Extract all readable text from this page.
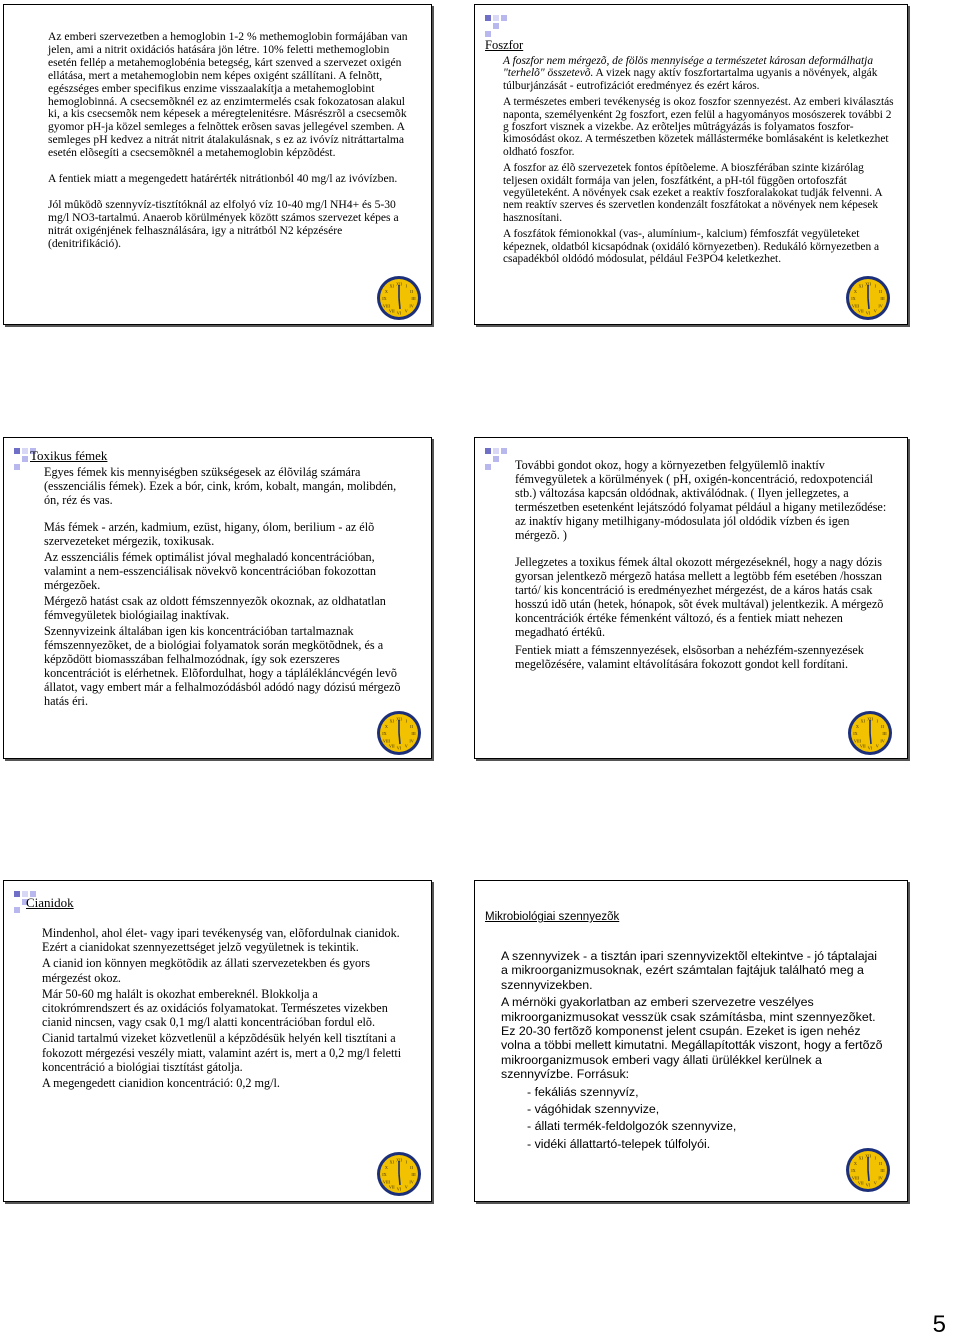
Az emberi szervezetben a hemoglobin 1-2 % methemoglobin formájában van jelen, ami a nitrit oxidációs hatására jön létre. 10% feletti methemoglobin esetén fellép a metahemoglobénia betegség, kárt szenved a szervezet oxigén ellátása, mert a metahemoglobin nem képes oxigént szállítani. A felnõtt, egészséges ember specifikus enzime visszaalakítja a metahemoglobint hemoglobinná. A csecsemõknél ez az enzimtermelés csak fokozatosan alakul ki, a kis csecsemõk nem képesek a méregtelenitésre. Másrészrõl a csecsemõk gyomor pH-ja közel semleges a felnõttek erõsen savas jellegével szemben. A semleges pH kedvez a nitrát nitrit átalakulásnak, s ez az ivóvíz nitráttartalma esetén elõsegíti a csecsemõknél a metahemoglobin képzõdést.

A fentiek miatt a megengedett határérték nitrátionból 40 mg/l az ivóvízben.

Jól mûködõ szennyvíz-tisztítóknál az elfolyó víz 10-40 mg/l NH4+ és 5-30 mg/l NO3-tartalmú. Anaerob körülmények között számos szervezet képes a nitrát oxigénjének felhasználására, igy a nitrátból N2 képzésére (denitrifikáció).

XII I
II
III
IV
V
VI
VII
VIII
IX
X
XI
Foszfor

A foszfor nem mérgezõ, de fölös mennyisége a természetet károsan deformálhatja "terhelõ" összetevõ. A vizek nagy aktív foszfortartalma ugyanis a növények, algák túlburjánzását - eutrofizációt eredményez és ezért káros.

A természetes emberi tevékenység is okoz foszfor szennyezést. Az emberi kiválasztás naponta, személyenként 2g foszfort, ezen felül a hagyományos mosószerek további 2 g foszfort visznek a vizekbe. Az erõteljes mûtrágyázás is folyamatos foszfor-kimosódást okoz. A természetben közetek mállásterméke bomlásaként is keletkezhet oldható foszfor.

A foszfor az élõ szervezetek fontos építõeleme. A bioszférában szinte kizárólag teljesen oxidált formája van jelen, foszfátként, a pH-tól függõen ortofoszfát vegyületeként. A növények csak ezeket a reaktív foszforalakokat tudják felvenni. A nem reaktív szerves és szervetlen kondenzált foszfátokat a növények nem képesek hasznosítani.

A foszfátok fémionokkal (vas-, alumínium-, kalcium) fémfoszfát vegyületeket képeznek, oldatból kicsapódnak (oxidáló környezetben). Redukáló környezetben a csapadékból oldódó módosulat, például Fe3PO4 keletkezhet.

XII I
II
III
IV
V
VI
VII
VIII
IX
X
XI
Toxikus fémek

Egyes fémek kis mennyiségben szükségesek az élõvilág számára (esszenciális fémek). Ezek a bór, cink, króm, kobalt, mangán, molibdén, ón, réz és vas.

Más fémek - arzén, kadmium, ezüst, higany, ólom, berilium - az élõ szervezeteket mérgezik, toxikusak.

Az esszenciális fémek optimálist jóval meghaladó koncentrációban, valamint a nem-esszenciálisak növekvõ koncentrációban fokozottan mérgezõek.

Mérgezõ hatást csak az oldott fémszennyezõk okoznak, az oldhatatlan fémvegyületek biológiailag inaktívak.

Szennyvizeink általában igen kis koncentrációban tartalmaznak fémszennyezõket, de a biológiai folyamatok során megkötõdnek, és a képzõdött biomasszában felhalmozódnak, így sok ezerszeres koncentrációt is elérhetnek. Elõfordulhat, hogy a táplálékláncvégén levõ állatot, vagy embert már a felhalmozódásból adódó nagy dózisú mérgezõ hatás éri.

XII I
II
III
IV
V
VI
VII
VIII
IX
X
XI

További gondot okoz, hogy a környezetben felgyülemlõ inaktív fémvegyületek a körülmények ( pH, oxigén-koncentráció, redoxpotenciál stb.) változása kapcsán oldódnak, aktiválódnak. ( Ilyen jellegzetes, a természetben esetenként lejátszódó folyamat például a higany metileződése: az inaktív higany metilhigany-módosulata jól oldódik vízben és igen mérgezõ. )

Jellegzetes a toxikus fémek által okozott mérgezéseknél, hogy a nagy dózis gyorsan jelentkezõ mérgezõ hatása mellett a legtöbb fém esetében /hosszan tartó/ kis koncentráció is eredményezhet mérgezést, de a káros hatás csak hosszú idõ után (hetek, hónapok, sõt évek multával) jelentkezik. A mérgezõ koncentrációk értéke fémenként változó, és a fentiek miatt nehezen megadható értékû.

Fentiek miatt a fémszennyezések, elsõsorban a nehézfém-szennyezések megelõzésére, valamint eltávolítására fokozott gondot kell fordítani.

XII I
II
III
IV
V
VI
VII
VIII
IX
X
XI
Cianidok

Mindenhol, ahol élet- vagy ipari tevékenység van, elõfordulnak cianidok. Ezért a cianidokat szennyezettséget jelzõ vegyületnek is tekintik.

A cianid ion könnyen megkötõdik az állati szervezetekben és gyors mérgezést okoz.

Már 50-60 mg halált is okozhat embereknél. Blokkolja a citokrómrendszert és az oxidációs folyamatokat. Természetes vizekben cianid nincsen, vagy csak 0,1 mg/l alatti koncentrációban fordul elõ.

Cianid tartalmú vizeket közvetlenül a képzõdésük helyén kell tisztítani a fokozott mérgezési veszély miatt, valamint azért is, mert a 0,2 mg/l feletti koncentráció a biológiai tisztítást gátolja.

A megengedett cianidion koncentráció: 0,2 mg/l.

XII I
II
III
IV
V
VI
VII
VIII
IX
X
XI
Mikrobiológiai szennyezõk

A szennyvizek - a tisztán ipari szennyvizektõl eltekintve - jó táptalajai a mikroorganizmusoknak, ezért számtalan fajtájuk található meg a szennyvizekben.

A mérnöki gyakorlatban az emberi szervezetre veszélyes mikroorganizmusokat vesszük csak számításba, mint szennyezõket. Ez 20-30 fertõzõ komponenst jelent csupán. Ezeket is igen nehéz volna a többi mellett kimutatni. Megállapították viszont, hogy a fertõzõ mikroorganizmusok emberi vagy állati ürülékkel kerülnek a szennyvízbe. Forrásuk:

- fekáliás szennyvíz,

- vágóhidak szennyvize,

- állati termék-feldolgozók szennyvize,

- vidéki állattartó-telepek túlfolyói.

XII I
II
III
IV
V
VI
VII
VIII
IX
X
XI
5
